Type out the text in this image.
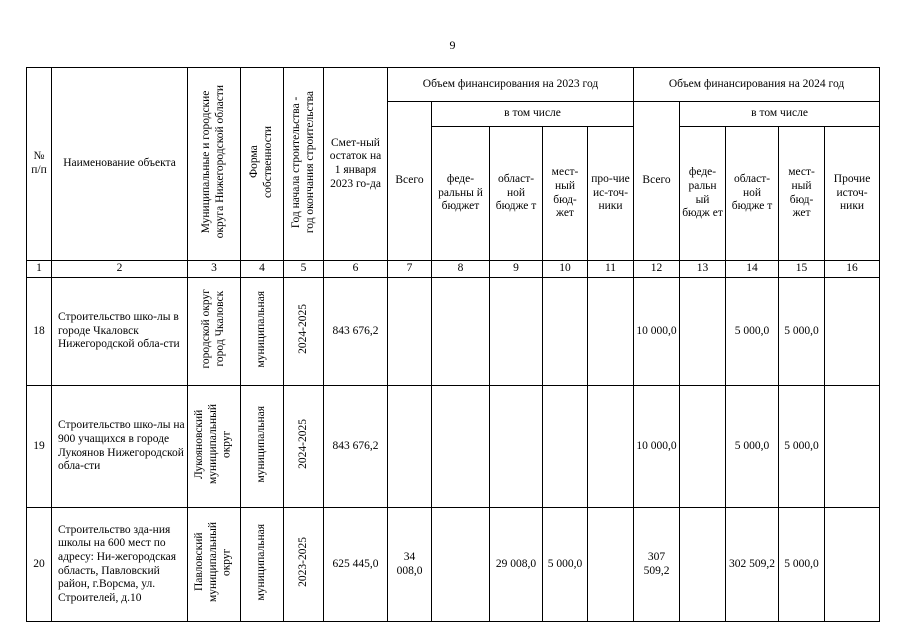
9
№ п/п	Наименование объекта	Муниципальные и городские округа Нижегородской области	Форма собственности	Год начала строительства - год окончания строительства	Смет-ный остаток на 1 января 2023 го-да	Объем финансирования на 2023 год					Объем финансирования на 2024 год				
						Всего	в том числе				Всего	в том числе			
							феде-ральны й бюджет	област-ной бюдже т	мест-ный бюд-жет	про-чие ис-точ-ники		феде-ральн ый бюдж ет	област-ной бюдже т	мест-ный бюд-жет	Прочие источ-ники
1	2	3	4	5	6	7	8	9	10	11	12	13	14	15	16
18	Строительство шко-лы в городе Чкаловск Нижегородской обла-сти	городской округ город Чкаловск	муниципальная	2024-2025	843 676,2						10 000,0		5 000,0	5 000,0	
19	Строительство шко-лы на 900 учащихся в городе Лукоянов Нижегородской обла-сти	Лукояновский муниципальный округ	муниципальная	2024-2025	843 676,2						10 000,0		5 000,0	5 000,0	
20	Строительство зда-ния школы на 600 мест по адресу: Ни-жегородская область, Павловский район, г.Ворсма, ул. Строителей, д.10	Павловский муниципальный округ	муниципальная	2023-2025	625 445,0	34 008,0		29 008,0	5 000,0		307 509,2		302 509,2	5 000,0	
